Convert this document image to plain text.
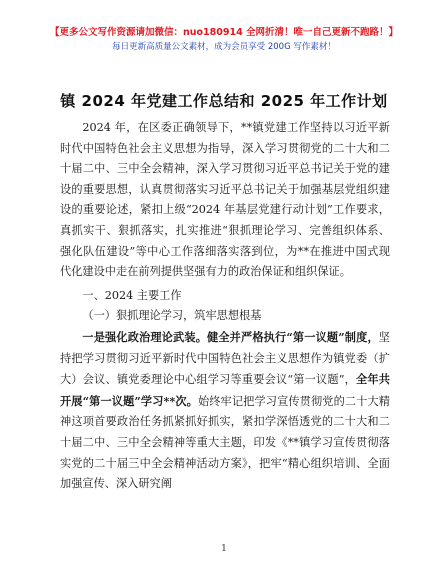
【更多公文写作资源请加微信：nuo180914 全网折清！唯一自己更新不跑路！】
每日更新高质量公文素材，成为会员享受 200G 写作素材！
镇 2024 年党建工作总结和 2025 年工作计划

2024 年，在区委正确领导下，**镇党建工作坚持以习近平新时代中国特色社会主义思想为指导，深入学习贯彻党的二十大和二十届二中、三中全会精神，深入学习贯彻习近平总书记关于党的建设的重要思想，认真贯彻落实习近平总书记关于加强基层党组织建设的重要论述，紧扣上级“2024 年基层党建行动计划”工作要求，真抓实干、狠抓落实，扎实推进“狠抓理论学习、完善组织体系、强化队伍建设”等中心工作落细落实落到位，为**在推进中国式现代化建设中走在前列提供坚强有力的政治保证和组织保证。

一、2024 主要工作

（一）狠抓理论学习，筑牢思想根基

一是强化政治理论武装。健全并严格执行“第一议题”制度，坚持把学习贯彻习近平新时代中国特色社会主义思想作为镇党委（扩大）会议、镇党委理论中心组学习等重要会议“第一议题”，全年共开展“第一议题”学习**次。始终牢记把学习宣传贯彻党的二十大精神这项首要政治任务抓紧抓好抓实，紧扣学深悟透党的二十大和二十届二中、三中全会精神等重大主题，印发《**镇学习宣传贯彻落实党的二十届三中全会精神活动方案》，把牢“精心组织培训、全面加强宣传、深入研究阐

1
